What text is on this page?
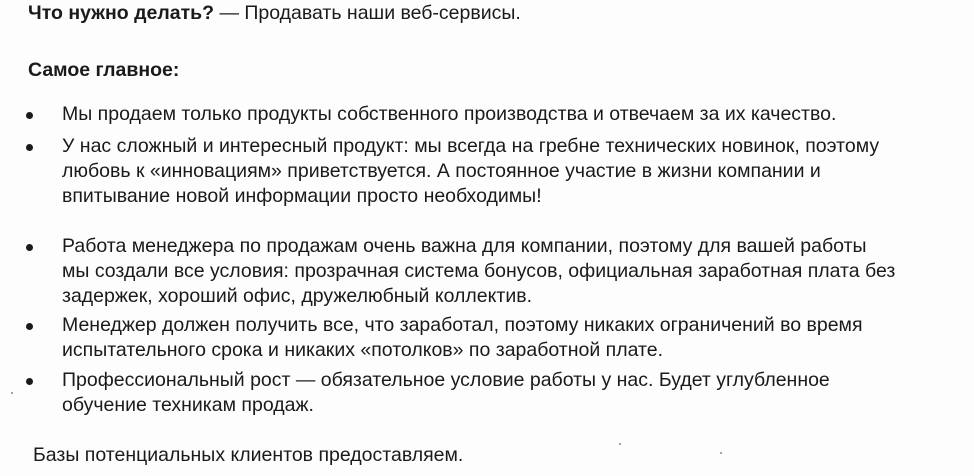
Что нужно делать? — Продавать наши веб-сервисы.
Самое главное:
Мы продаем только продукты собственного производства и отвечаем за их качество.
У нас сложный и интересный продукт: мы всегда на гребне технических новинок, поэтому
любовь к «инновациям» приветствуется. А постоянное участие в жизни компании и
впитывание новой информации просто необходимы!
Работа менеджера по продажам очень важна для компании, поэтому для вашей работы
мы создали все условия: прозрачная система бонусов, официальная заработная плата без
задержек, хороший офис, дружелюбный коллектив.
Менеджер должен получить все, что заработал, поэтому никаких ограничений во время
испытательного срока и никаких «потолков» по заработной плате.
Профессиональный рост — обязательное условие работы у нас. Будет углубленное
обучение техникам продаж.
Базы потенциальных клиентов предоставляем.
